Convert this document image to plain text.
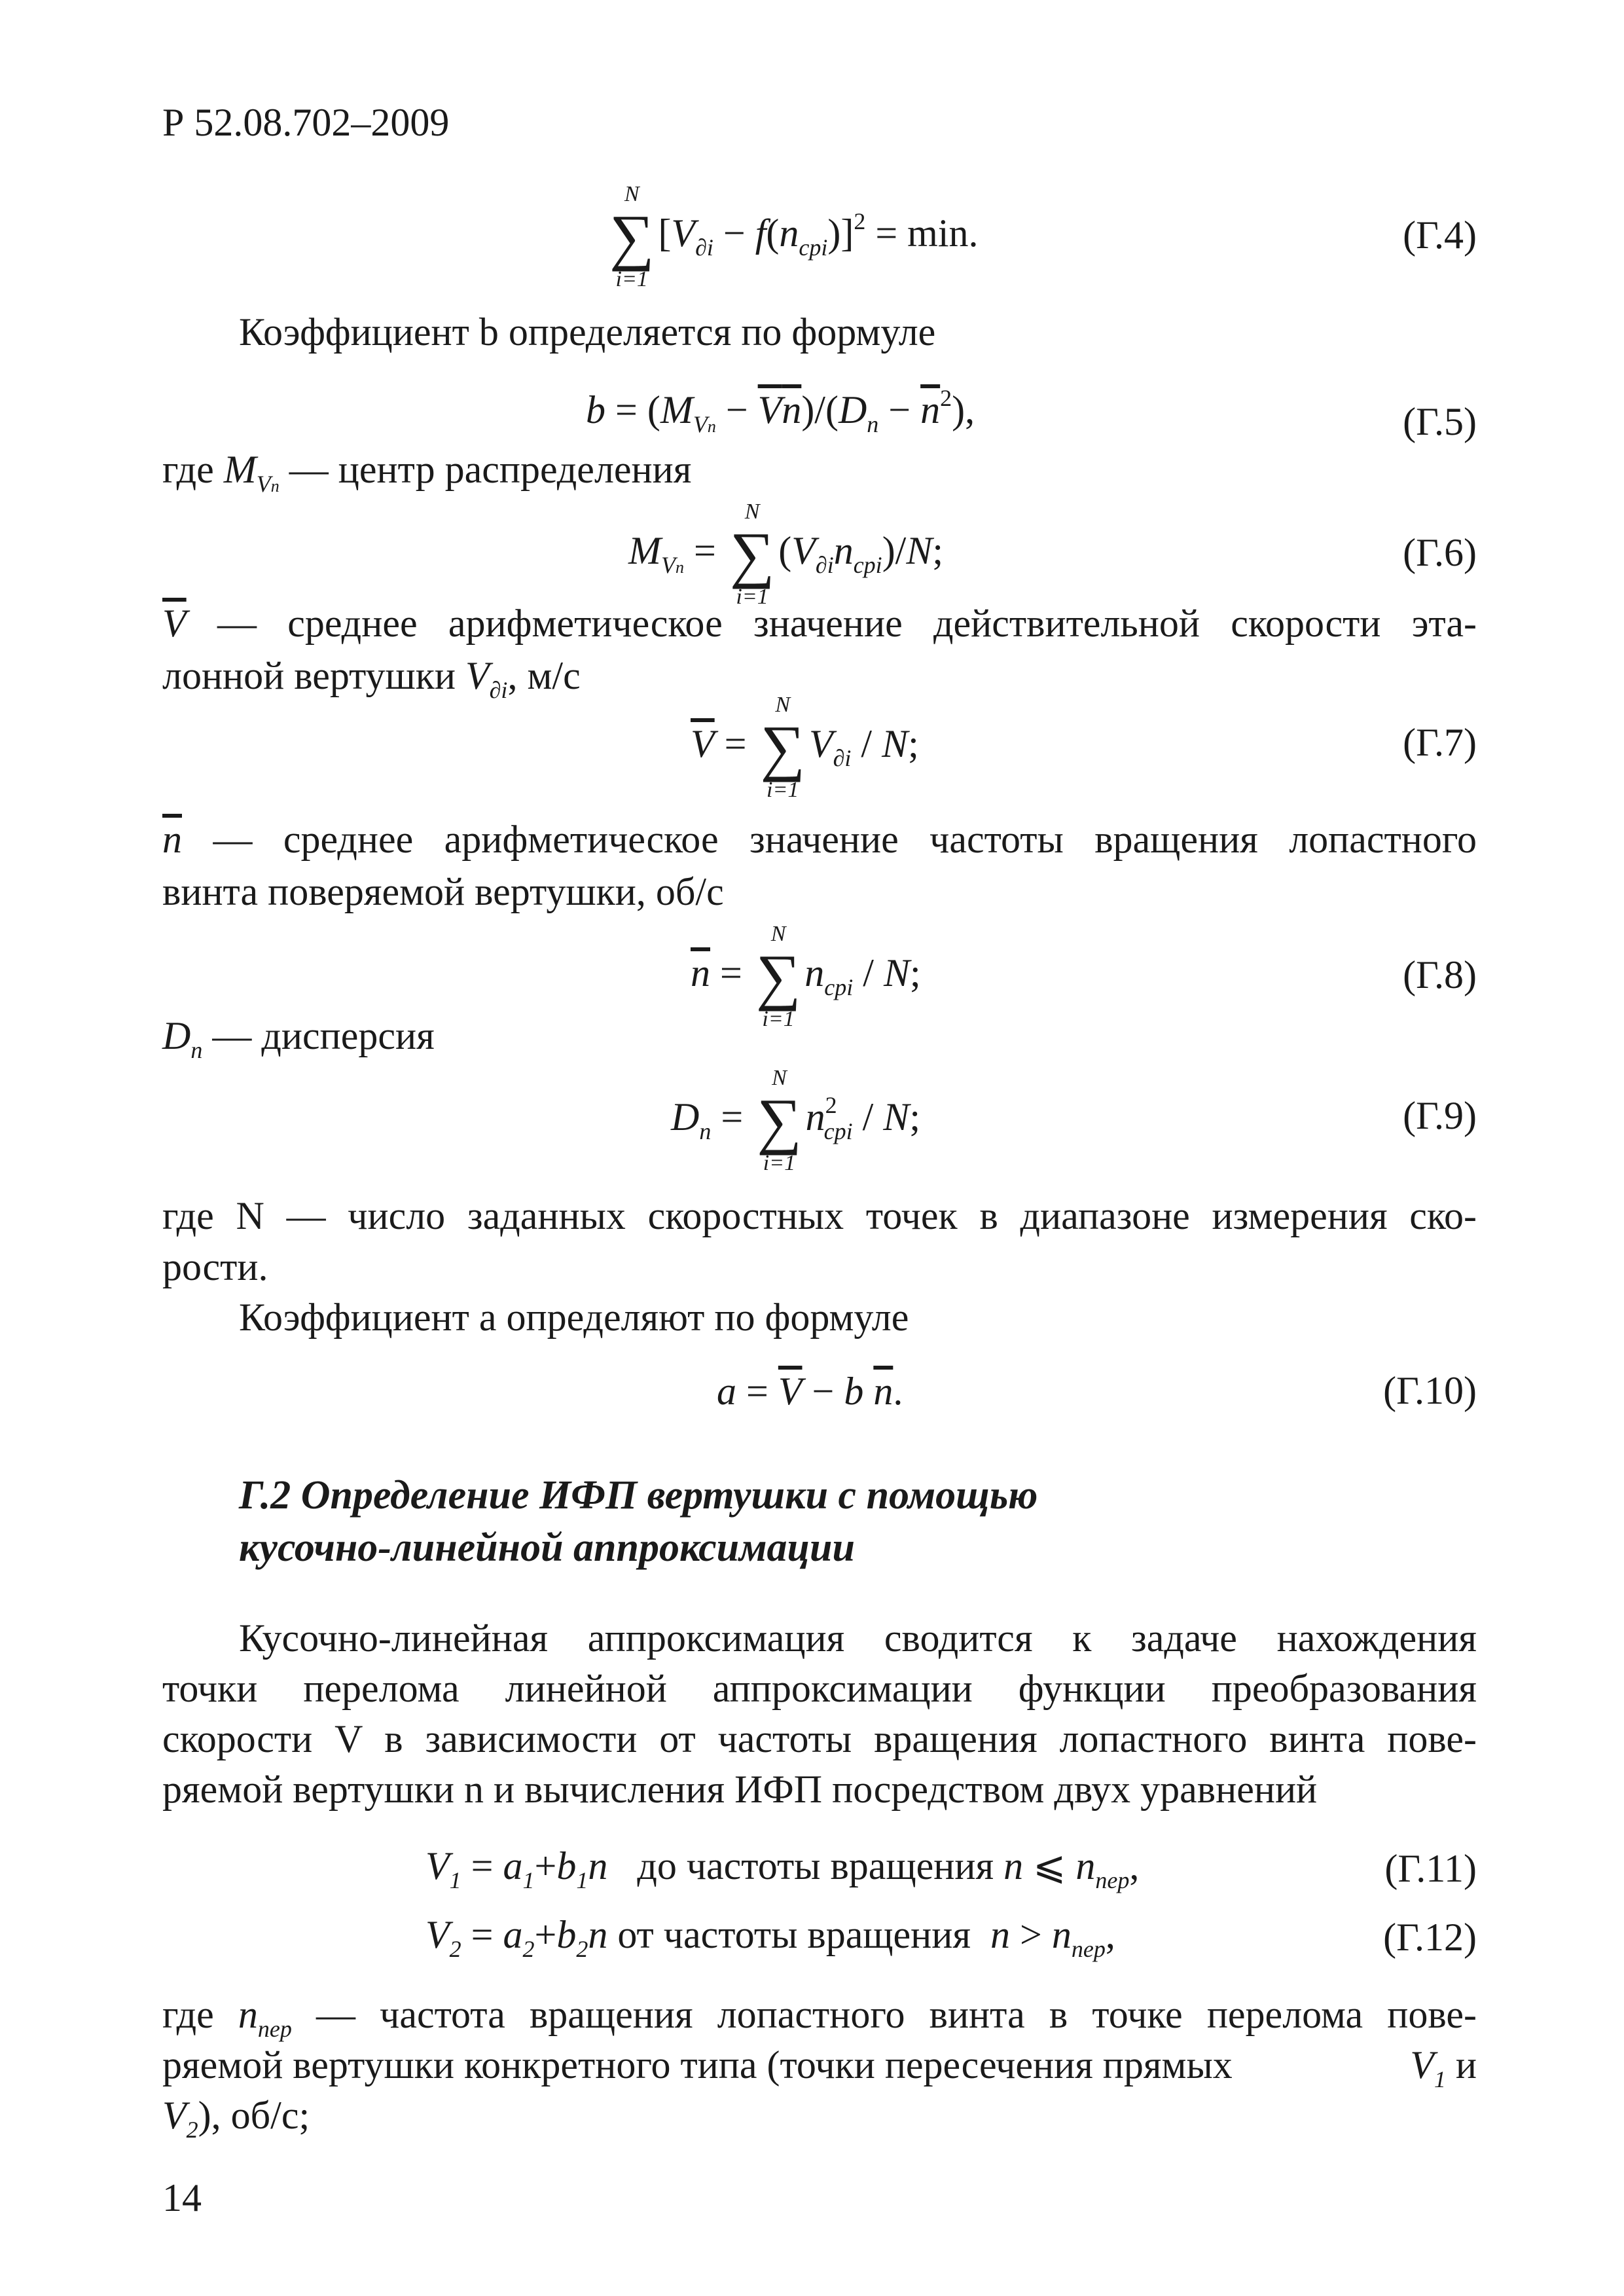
Р 52.08.702–2009
N
∑
i=1
$[V_{\partial i} - f(n_{cpi})]^2 = \min$.	(Г.4)
Коэффициент b определяется по формуле
$b = (M_{Vn} - \overline{V}\overline{n})/(D_n - \overline{n}^2)$,	(Г.5)
где $M_{Vn}$ — центр распределения
$M_{Vn}$ =
N
∑
i=1
$(V_{\partial i}n_{cpi})/N$;	(Г.6)
$\overline{V}$ — среднее арифметическое значение действительной скорости эта-
лонной вертушки $V_{\partial i}$, м/с
$\overline{V}$ =
N
∑
i=1
$V_{\partial i}$ / N;	(Г.7)
$\overline{n}$ — среднее арифметическое значение частоты вращения лопастного
винта поверяемой вертушки, об/с
$\overline{n}$ =
N
∑
i=1
$n_{cpi}$ / N;	(Г.8)
$D_n$ — дисперсия
$D_n$ =
N
∑
i=1
$n^2_{cpi}$ / N;	(Г.9)
где N — число заданных скоростных точек в диапазоне измерения ско-
рости.
Коэффициент a определяют по формуле
$a = \overline{V} - b$ $\overline{n}$.	(Г.10)
Г.2 Определение ИФП вертушки с помощью
кусочно-линейной аппроксимации
Кусочно-линейная аппроксимация сводится к задаче нахождения
точки перелома линейной аппроксимации функции преобразования
скорости V в зависимости от частоты вращения лопастного винта пове-
ряемой вертушки n и вычисления ИФП посредством двух уравнений
$V_1 = a_1+b_1n$ до частоты вращения n ⩽ $n_{пер}$,	(Г.11)
$V_2 = a_2+b_2n$ от частоты вращения $n > n_{пер}$,	(Г.12)
где $n_{пер}$ — частота вращения лопастного винта в точке перелома пове-
ряемой вертушки конкретного типа (точки пересечения прямых	$V_1$ и
$V_2$), об/с;
14
